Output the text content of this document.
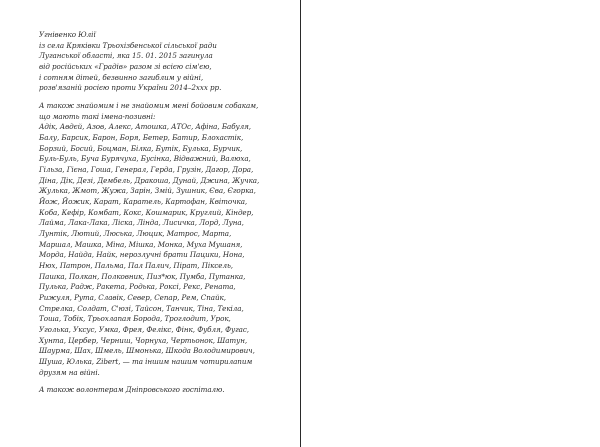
Угнівенко Юлії
із села Кряківки Трьохізбенської сільської ради
Луганської області, яка 15. 01. 2015 загинула
від російських «Градів» разом зі всією сім'єю,
і сотням дітей, безвинно загиблим у війні,
розв'язаній росією проти України 2014–2ххх рр.

А також знайомим і не знайомим мені бойовим собакам,
що мають такі імена-позивні:
Адік, Авдєй, Азов, Алекс, Атошка, АТОс, Афіна, Бабуля,
Балу, Барсик, Барон, Боря, Бетер, Батир, Блохастік,
Борзий, Босий, Боцман, Білка, Бутік, Булька, Бурчик,
Буль-Буль, Буча Бурячуха, Бусінка, Відважний, Валюха,
Гільза, Гієна, Гоша, Генерал, Герда, Грузін, Дагор, Дора,
Діна, Дік, Дезі, Дембель, Дракоша, Дунай, Джина, Жучка,
Жулька, Жмот, Жужа, Зарін, Змій, Зушник, Єва, Єгорка,
Йож, Йожик, Карат, Каратель, Картофан, Квіточка,
Коба, Кефір, Комбат, Кокс, Кошмарик, Круглий, Кіндер,
Лайма, Лака-Лака, Ліска, Лінда, Лисичка, Лорд, Луна,
Лунтік, Лютий, Люська, Люцик, Матрос, Марта,
Маршал, Машка, Міна, Мішка, Монка, Муха Мушаня,
Морда, Найда, Найк, нерозлучні брати Пацики, Нона,
Нюх, Патрон, Пальма, Пал Палич, Пірат, Піксель,
Пашка, Полкан, Полковник, Пиз*юк, Пумба, Путанка,
Пулька, Радж, Ракета, Родька, Роксі, Рекс, Рената,
Рижуля, Рута, Славік, Север, Сепар, Рем, Спайк,
Стрелка, Солдат, С'юзі, Тайсон, Танчик, Тіна, Текіла,
Тоша, Тобік, Трьохлапая Борода, Троглодит, Урок,
Уголька, Уксус, Умка, Фрея, Фелікс, Фінк, Фубля, Фугас,
Хунта, Цербер, Черниш, Чорнуха, Чертьонок, Шатун,
Шаурма, Шах, Шмель, Шмонька, Шкода Володимирович,
Шуша, Юлька, Zibert, — та іншим нашим чотирилапим
друзям на війні.

А також волонтерам Дніпровського госпіталю.
